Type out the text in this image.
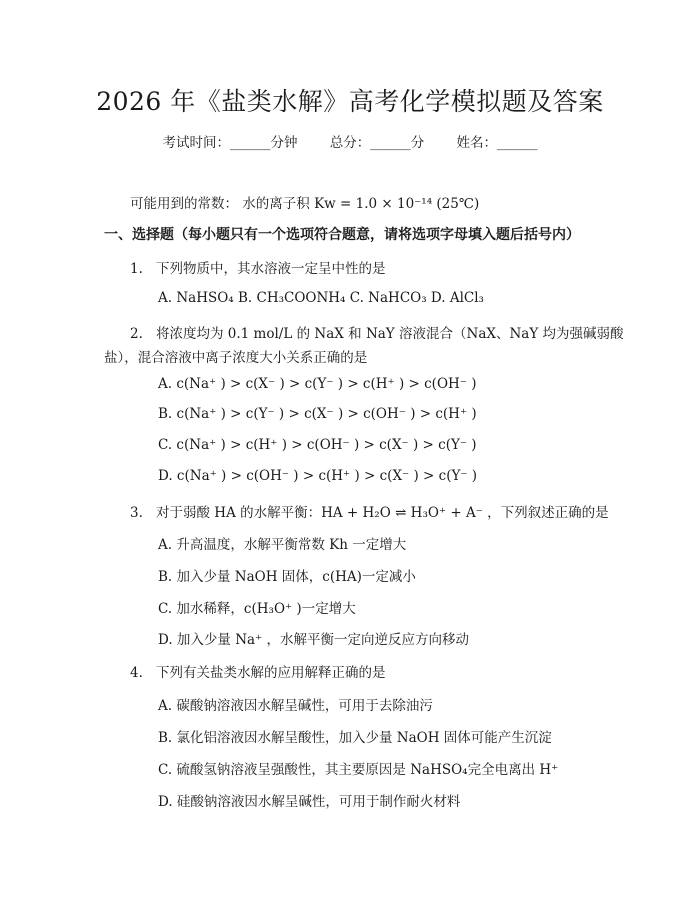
2026 年《盐类水解》高考化学模拟题及答案
考试时间：______分钟 总分：______分 姓名：______
可能用到的常数： 水的离子积 Kw = 1.0 × 10⁻¹⁴ (25℃)
一、选择题（每小题只有一个选项符合题意，请将选项字母填入题后括号内）
1. 下列物质中，其水溶液一定呈中性的是
A. NaHSO₄ B. CH₃COONH₄ C. NaHCO₃ D. AlCl₃
2. 将浓度均为 0.1 mol/L 的 NaX 和 NaY 溶液混合（NaX、NaY 均为强碱弱酸
盐），混合溶液中离子浓度大小关系正确的是
A. c(Na⁺ ) > c(X⁻ ) > c(Y⁻ ) > c(H⁺ ) > c(OH⁻ )
B. c(Na⁺ ) > c(Y⁻ ) > c(X⁻ ) > c(OH⁻ ) > c(H⁺ )
C. c(Na⁺ ) > c(H⁺ ) > c(OH⁻ ) > c(X⁻ ) > c(Y⁻ )
D. c(Na⁺ ) > c(OH⁻ ) > c(H⁺ ) > c(X⁻ ) > c(Y⁻ )
3. 对于弱酸 HA 的水解平衡：HA + H₂O ⇌ H₃O⁺ + A⁻ ，下列叙述正确的是
A. 升高温度，水解平衡常数 Kh 一定增大
B. 加入少量 NaOH 固体，c(HA)一定减小
C. 加水稀释，c(H₃O⁺ )一定增大
D. 加入少量 Na⁺ ，水解平衡一定向逆反应方向移动
4. 下列有关盐类水解的应用解释正确的是
A. 碳酸钠溶液因水解呈碱性，可用于去除油污
B. 氯化铝溶液因水解呈酸性，加入少量 NaOH 固体可能产生沉淀
C. 硫酸氢钠溶液呈强酸性，其主要原因是 NaHSO₄完全电离出 H⁺
D. 硅酸钠溶液因水解呈碱性，可用于制作耐火材料
